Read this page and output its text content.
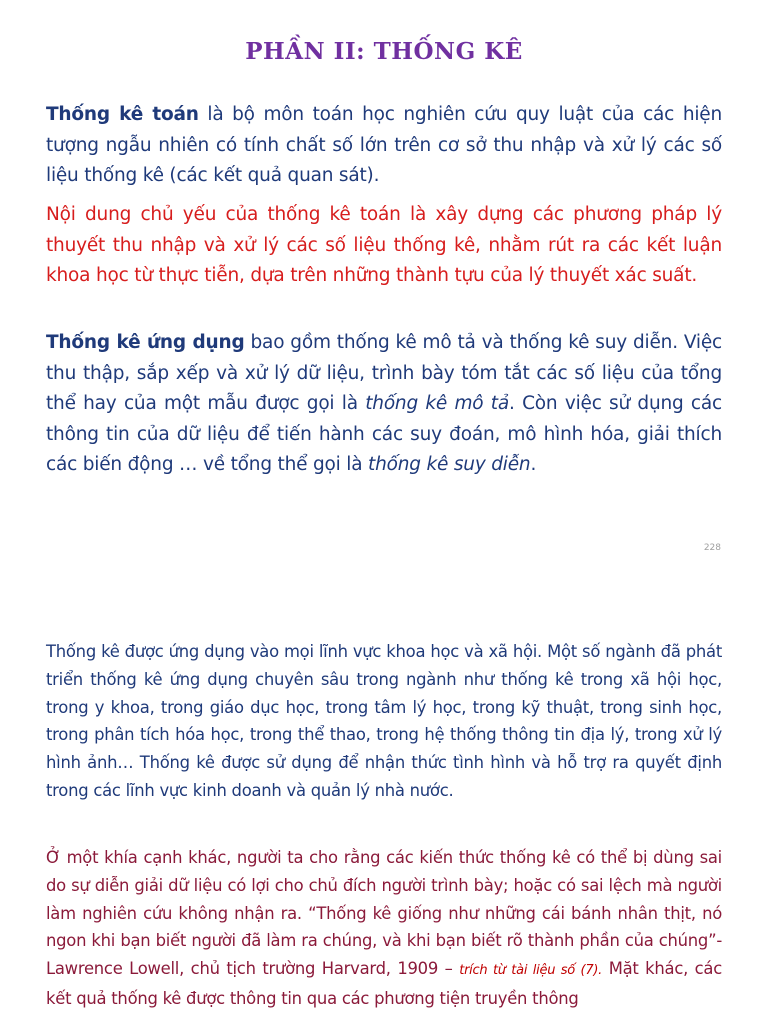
PHẦN II: THỐNG KÊ

Thống kê toán là bộ môn toán học nghiên cứu quy luật của các hiện tượng ngẫu nhiên có tính chất số lớn trên cơ sở thu nhập và xử lý các số liệu thống kê (các kết quả quan sát).

Nội dung chủ yếu của thống kê toán là xây dựng các phương pháp lý thuyết thu nhập và xử lý các số liệu thống kê, nhằm rút ra các kết luận khoa học từ thực tiễn, dựa trên những thành tựu của lý thuyết xác suất.

Thống kê ứng dụng bao gồm thống kê mô tả và thống kê suy diễn. Việc thu thập, sắp xếp và xử lý dữ liệu, trình bày tóm tắt các số liệu của tổng thể hay của một mẫu được gọi là thống kê mô tả. Còn việc sử dụng các thông tin của dữ liệu để tiến hành các suy đoán, mô hình hóa, giải thích các biến động … về tổng thể gọi là thống kê suy diễn.

228

Thống kê được ứng dụng vào mọi lĩnh vực khoa học và xã hội. Một số ngành đã phát triển thống kê ứng dụng chuyên sâu trong ngành như thống kê trong xã hội học, trong y khoa, trong giáo dục học, trong tâm lý học, trong kỹ thuật, trong sinh học, trong phân tích hóa học, trong thể thao, trong hệ thống thông tin địa lý, trong xử lý hình ảnh… Thống kê được sử dụng để nhận thức tình hình và hỗ trợ ra quyết định trong các lĩnh vực kinh doanh và quản lý nhà nước.

Ở một khía cạnh khác, người ta cho rằng các kiến thức thống kê có thể bị dùng sai do sự diễn giải dữ liệu có lợi cho chủ đích người trình bày; hoặc có sai lệch mà người làm nghiên cứu không nhận ra. “Thống kê giống như những cái bánh nhân thịt, nó ngon khi bạn biết người đã làm ra chúng, và khi bạn biết rõ thành phần của chúng”- Lawrence Lowell, chủ tịch trường Harvard, 1909 – trích từ tài liệu số (7). Mặt khác, các kết quả thống kê được thông tin qua các phương tiện truyền thông
